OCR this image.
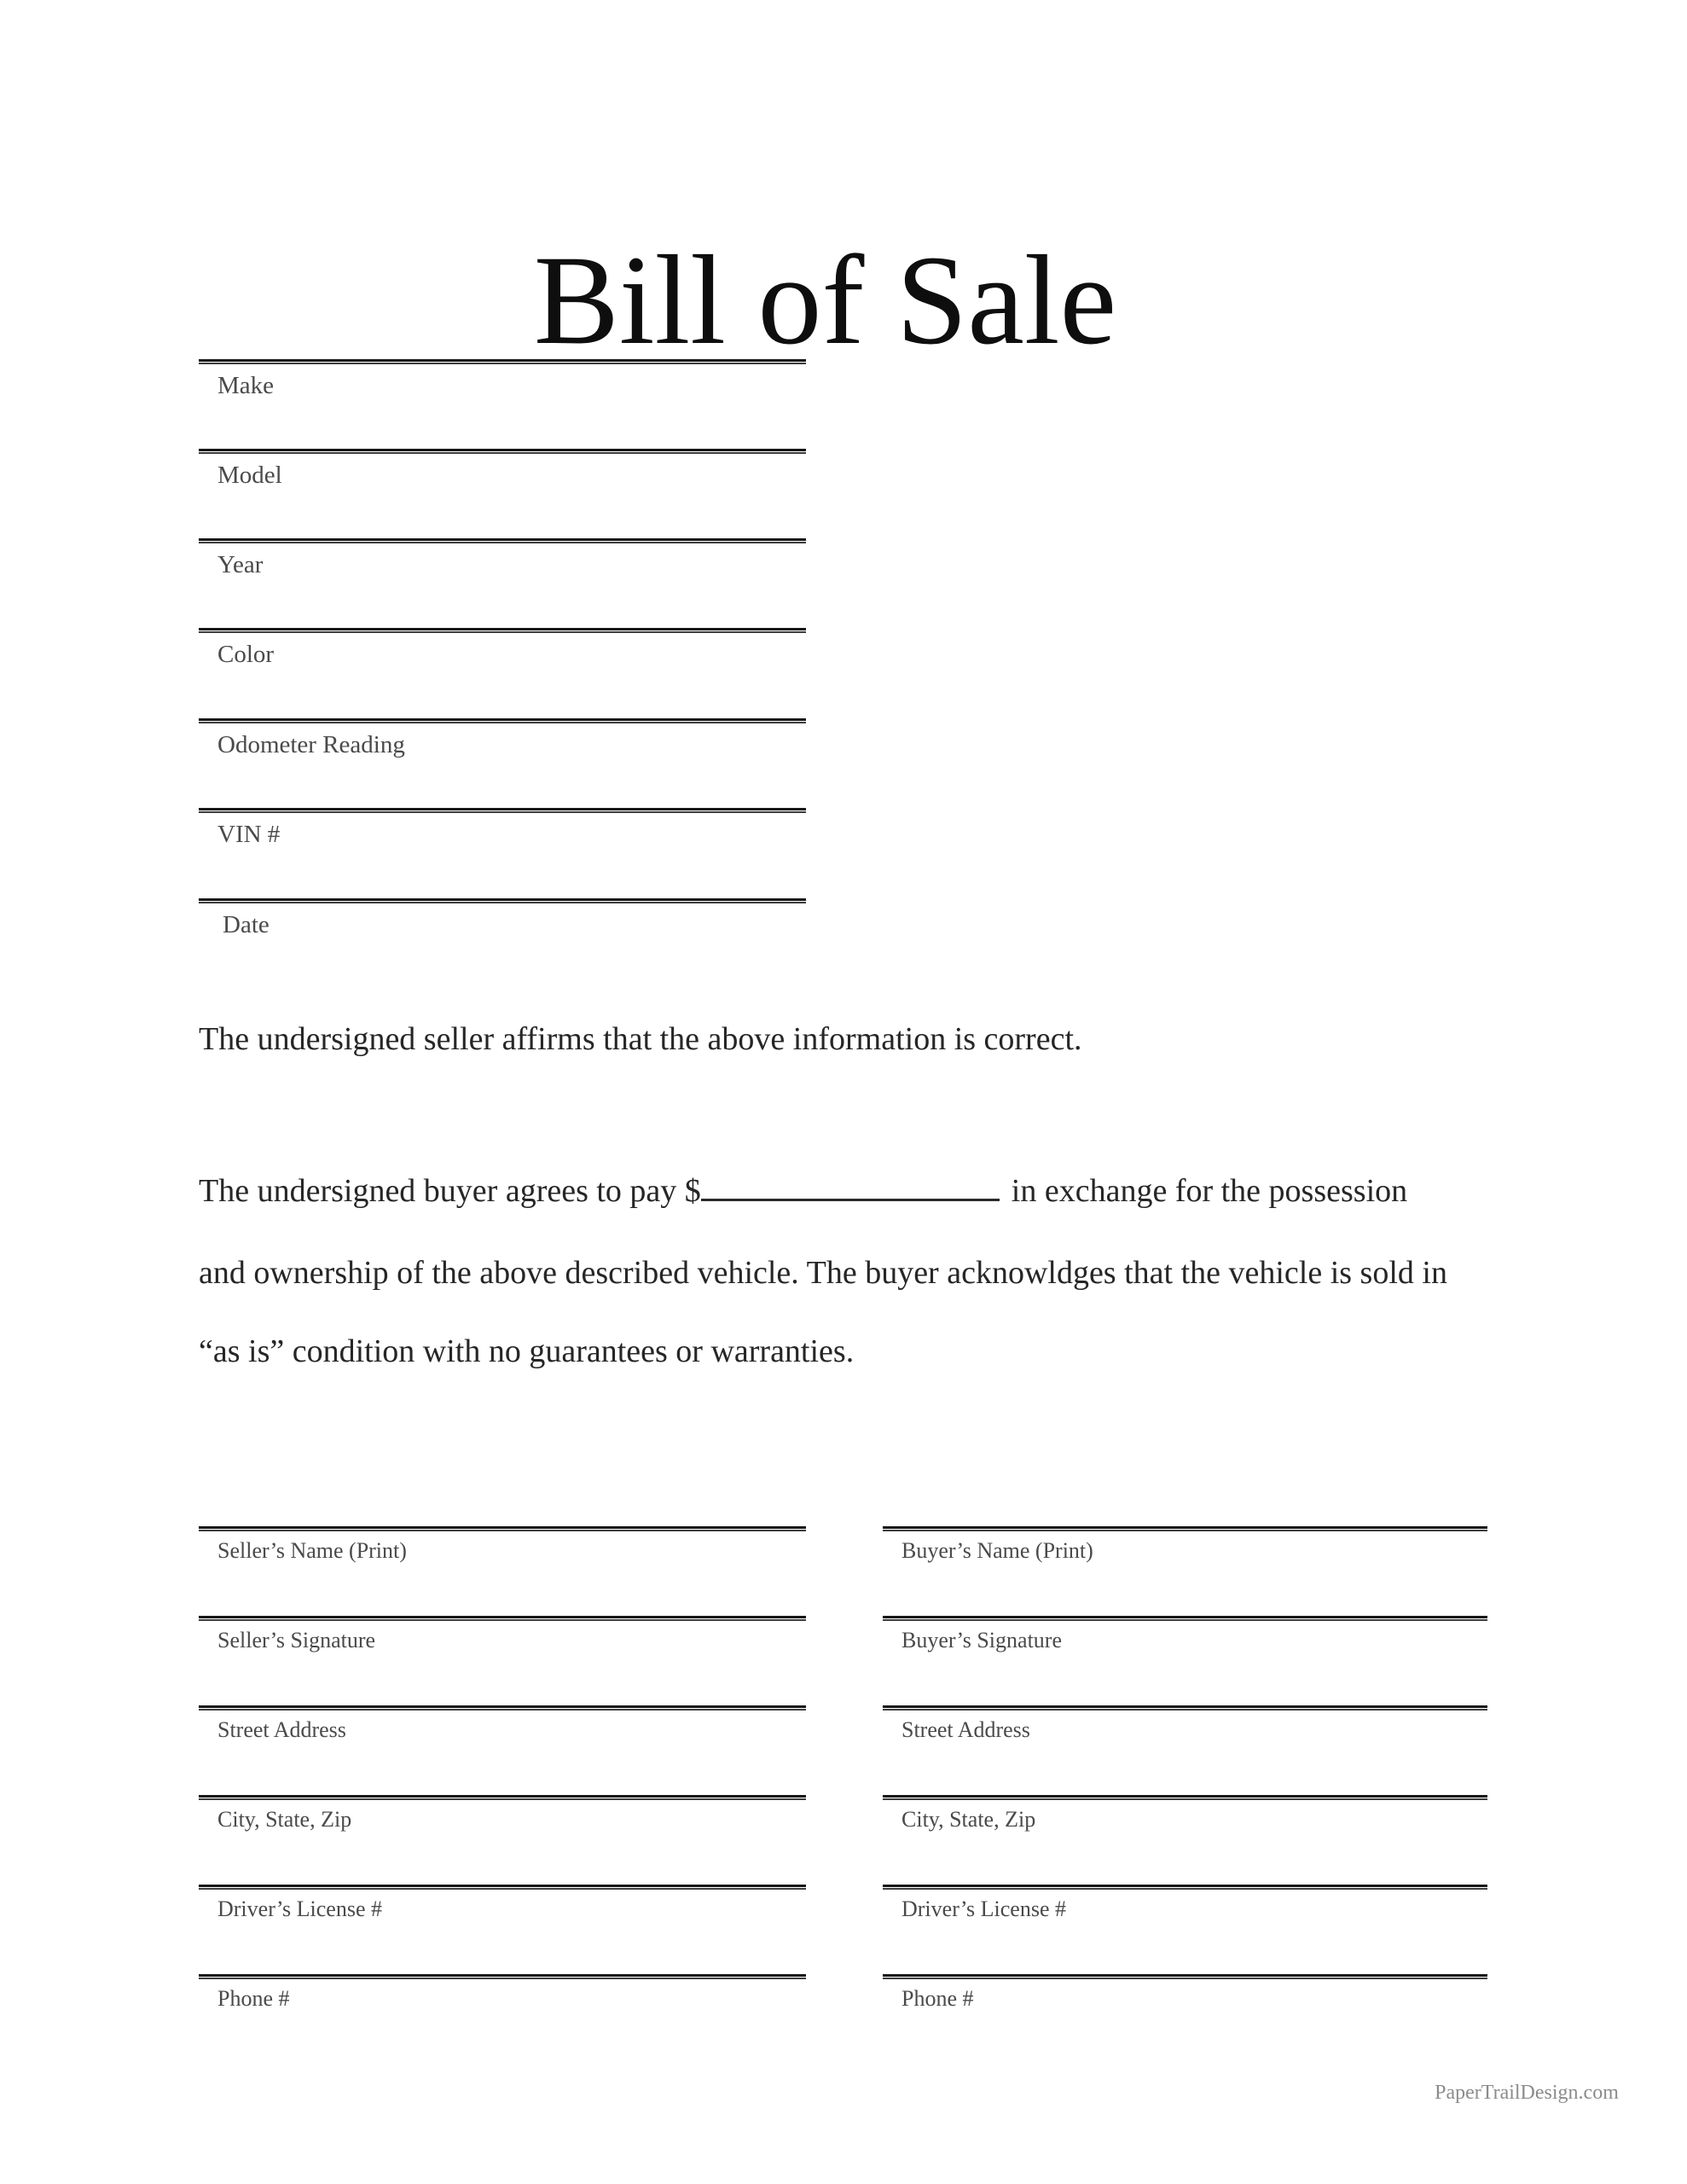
Bill of Sale
Make
Model
Year
Color
Odometer Reading
VIN #
Date
The undersigned seller affirms that the above information is correct.
The undersigned buyer agrees to pay $	in exchange for the possession
and ownership of the above described vehicle. The buyer acknowldges that the vehicle is sold in
“as is” condition with no guarantees or warranties.
Seller’s Name (Print)
Seller’s Signature
Street Address
City, State, Zip
Driver’s License #
Phone #
Buyer’s Name (Print)
Buyer’s Signature
Street Address
City, State, Zip
Driver’s License #
Phone #
PaperTrailDesign.com
